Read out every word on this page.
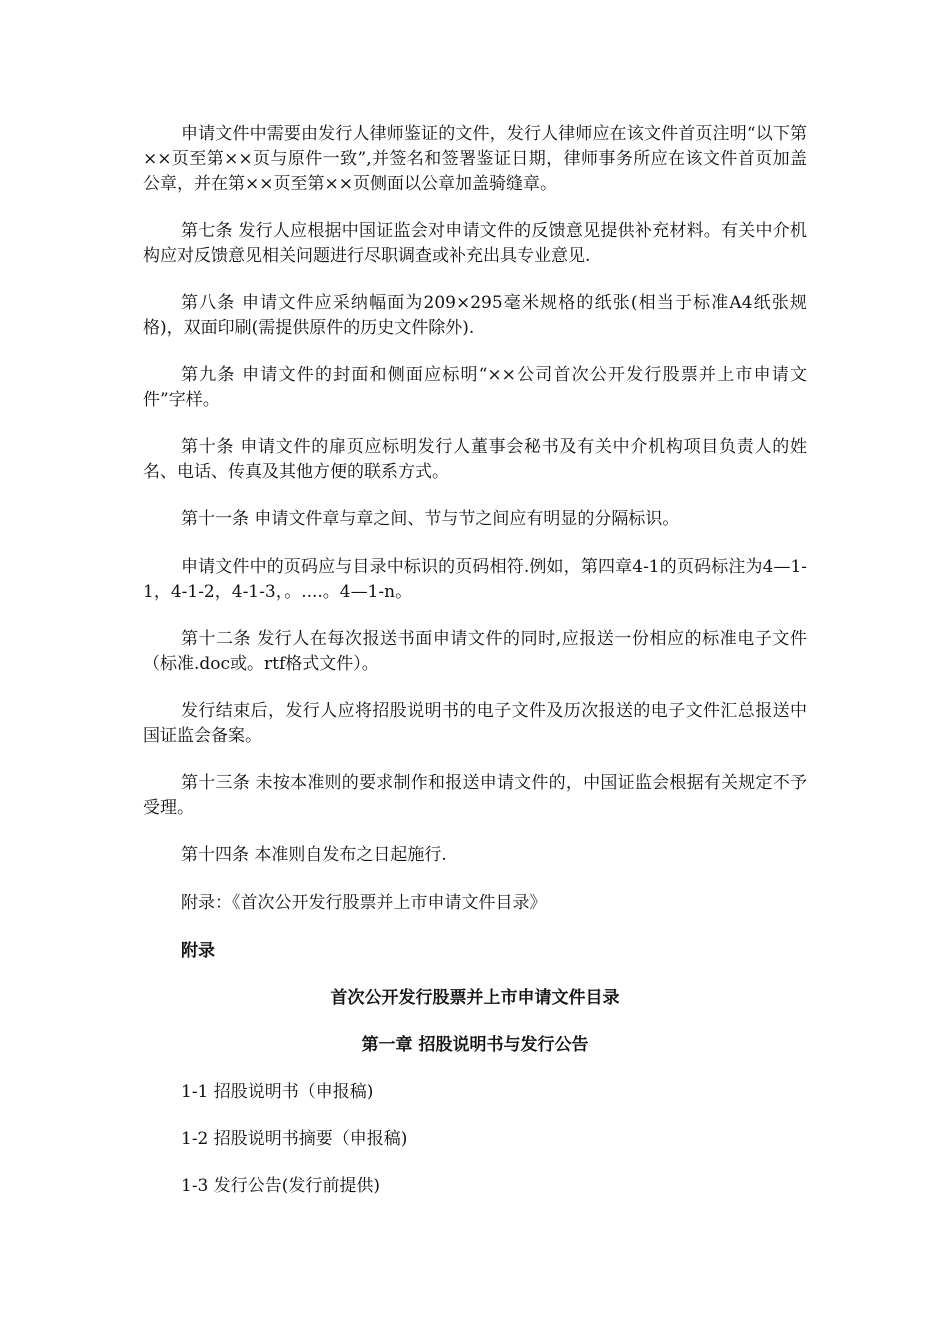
申请文件中需要由发行人律师鉴证的文件，发行人律师应在该文件首页注明“以下第××页至第××页与原件一致”,并签名和签署鉴证日期，律师事务所应在该文件首页加盖公章，并在第××页至第××页侧面以公章加盖骑缝章。

第七条 发行人应根据中国证监会对申请文件的反馈意见提供补充材料。有关中介机构应对反馈意见相关问题进行尽职调查或补充出具专业意见.

第八条 申请文件应采纳幅面为209×295毫米规格的纸张(相当于标准A4纸张规格)，双面印刷(需提供原件的历史文件除外).

第九条 申请文件的封面和侧面应标明“××公司首次公开发行股票并上市申请文件”字样。

第十条 申请文件的扉页应标明发行人董事会秘书及有关中介机构项目负责人的姓名、电话、传真及其他方便的联系方式。

第十一条 申请文件章与章之间、节与节之间应有明显的分隔标识。

申请文件中的页码应与目录中标识的页码相符.例如，第四章4-1的页码标注为4—1-1，4-1-2，4-1-3，。....。4—1-n。

第十二条 发行人在每次报送书面申请文件的同时,应报送一份相应的标准电子文件（标准.doc或。rtf格式文件）。

发行结束后，发行人应将招股说明书的电子文件及历次报送的电子文件汇总报送中国证监会备案。

第十三条 未按本准则的要求制作和报送申请文件的，中国证监会根据有关规定不予受理。

第十四条 本准则自发布之日起施行.

附录：《首次公开发行股票并上市申请文件目录》

附录

首次公开发行股票并上市申请文件目录

第一章 招股说明书与发行公告

1-1 招股说明书（申报稿)

1-2 招股说明书摘要（申报稿)

1-3 发行公告(发行前提供)
